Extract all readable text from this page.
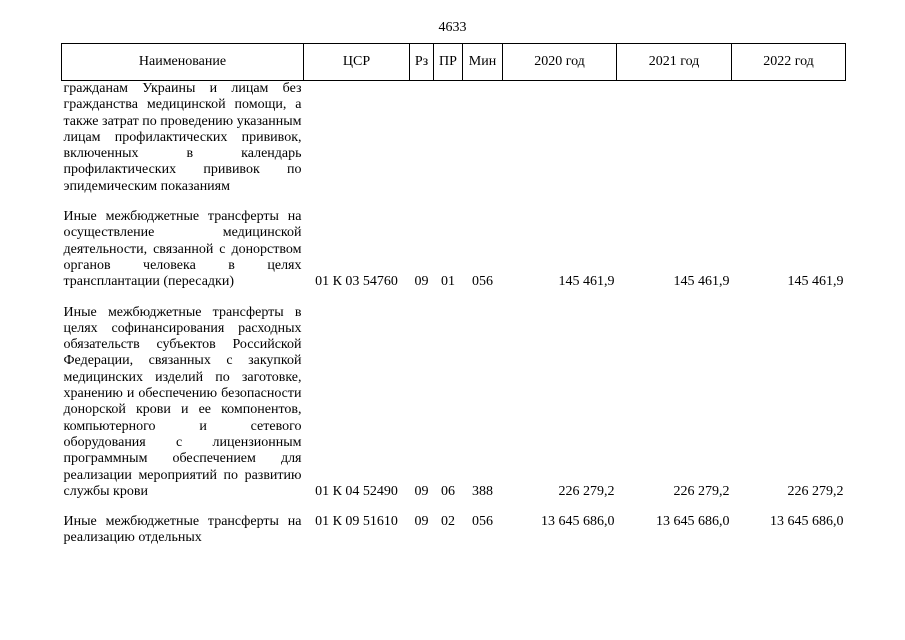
4633
Наименование	ЦСР	Рз	ПР	Мин	2020 год	2021 год	2022 год
гражданам Украины и лицам без гражданства медицинской помощи, а также затрат по проведению указанным лицам профилактических прививок, включенных в календарь профилактических прививок по эпидемическим показаниям							

Иные межбюджетные трансферты на осуществление медицинской деятельности, связанной с донорством органов человека в целях трансплантации (пересадки)	01 К 03 54760	09	01	056	145 461,9	145 461,9	145 461,9

Иные межбюджетные трансферты в целях софинансирования расходных обязательств субъектов Российской Федерации, связанных с закупкой медицинских изделий по заготовке, хранению и обеспечению безопасности донорской крови и ее компонентов, компьютерного и сетевого оборудования с лицензионным программным обеспечением для реализации мероприятий по развитию службы крови	01 К 04 52490	09	06	388	226 279,2	226 279,2	226 279,2

Иные межбюджетные трансферты на реализацию отдельных	01 К 09 51610	09	02	056	13 645 686,0	13 645 686,0	13 645 686,0
